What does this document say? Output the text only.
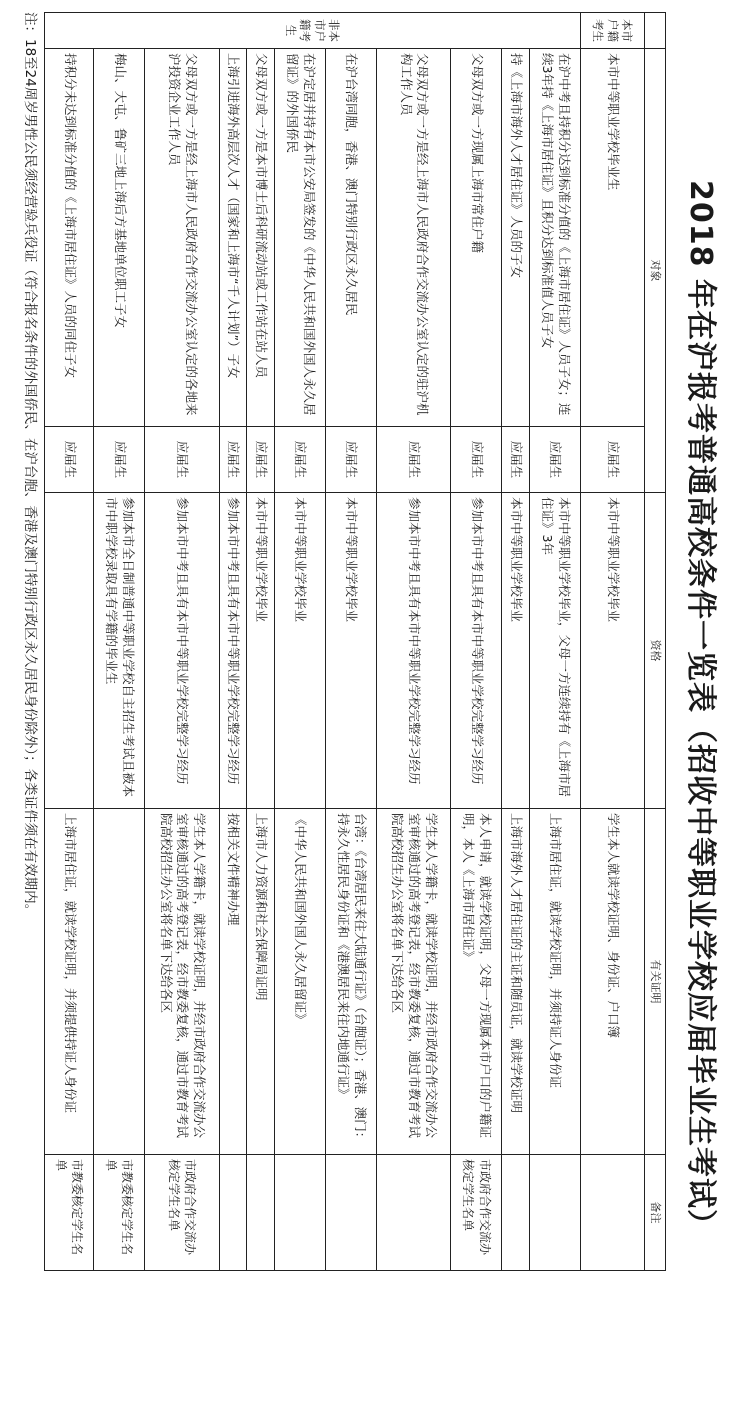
2018 年在沪报考普通高校条件一览表（招收中等职业学校应届毕业生考试）
	对象		资格	有关证明	备注
本市户籍考生	本市中等职业学校毕业生	应届生	本市中等职业学校毕业	学生本人就读学校证明、身份证、户口簿	
非本市户籍考生	在沪中考且持积分达到标准分值的《上海市居住证》人员子女；连续3年持《上海市居住证》且积分达到标准值人员子女	应届生	本市中等职业学校毕业，父母一方连续持有《上海市居住证》3年	上海市居住证，就读学校证明，并须持证人身份证	
	持《上海市海外人才居住证》人员的子女	应届生	本市中等职业学校毕业	上海市海外人才居住证的主证和随员证，就读学校证明	
	父母双方或一方现属上海市常住户籍	应届生	参加本市中考且具有本市中等职业学校完整学习经历	本人申请，就读学校证明，父母一方现属本市户口的户籍证明，本人《上海市居住证》	市政府合作交流办核定学生名单
	父母双方或一方是经上海市人民政府合作交流办公室认定的驻沪机构工作人员	应届生	参加本市中考且具有本市中等职业学校完整学习经历	学生本人学籍卡，就读学校证明，并经市政府合作交流办公室审核通过的高考登记表，经市教委复核，通过市教育考试院高校招生办公室将名单下达给各区	
	在沪台湾同胞，香港、澳门特别行政区永久居民	应届生	本市中等职业学校毕业	台湾：《台湾居民来往大陆通行证》（台胞证）；香港、澳门：持永久性居民身份证和《港澳居民来往内地通行证》	
	在沪定居并持有本市公安局签发的《中华人民共和国外国人永久居留证》的外国侨民	应届生	本市中等职业学校毕业	《中华人民共和国外国人永久居留证》	
	父母双方或一方是本市博士后科研流动站或工作站在站人员	应届生	本市中等职业学校毕业	上海市人力资源和社会保障局证明	
	上海引进海外高层次人才（国家和上海市“千人计划”）子女	应届生	参加本市中考且具有本市中等职业学校完整学习经历	按相关文件精神办理	
	父母双方或一方是经上海市人民政府合作交流办公室认定的各地来沪投资企业工作人员	应届生	参加本市中考且具有本市中等职业学校完整学习经历	学生本人学籍卡，就读学校证明，并经市政府合作交流办公室审核通过的高考登记表，经市教委复核，通过市教育考试院高校招生办公室将名单下达给各区	市政府合作交流办核定学生名单
	梅山、大屯、鲁矿三地上海后方基地单位职工子女	应届生	参加本市全日制普通中等职业学校自主招生考试且被本市中职学校录取具有学籍的毕业生		市教委核定学生名单
	持积分未达到标准分值的《上海市居住证》人员的同住子女	应届生		上海市居住证，就读学校证明，并须提供持证人身份证	市教委核定学生名单
注：18至24周岁男性公民须经营验兵役证（符合报名条件的外国侨民、在沪台胞、香港及澳门特别行政区永久居民身份除外）；各类证件须在有效期内。
